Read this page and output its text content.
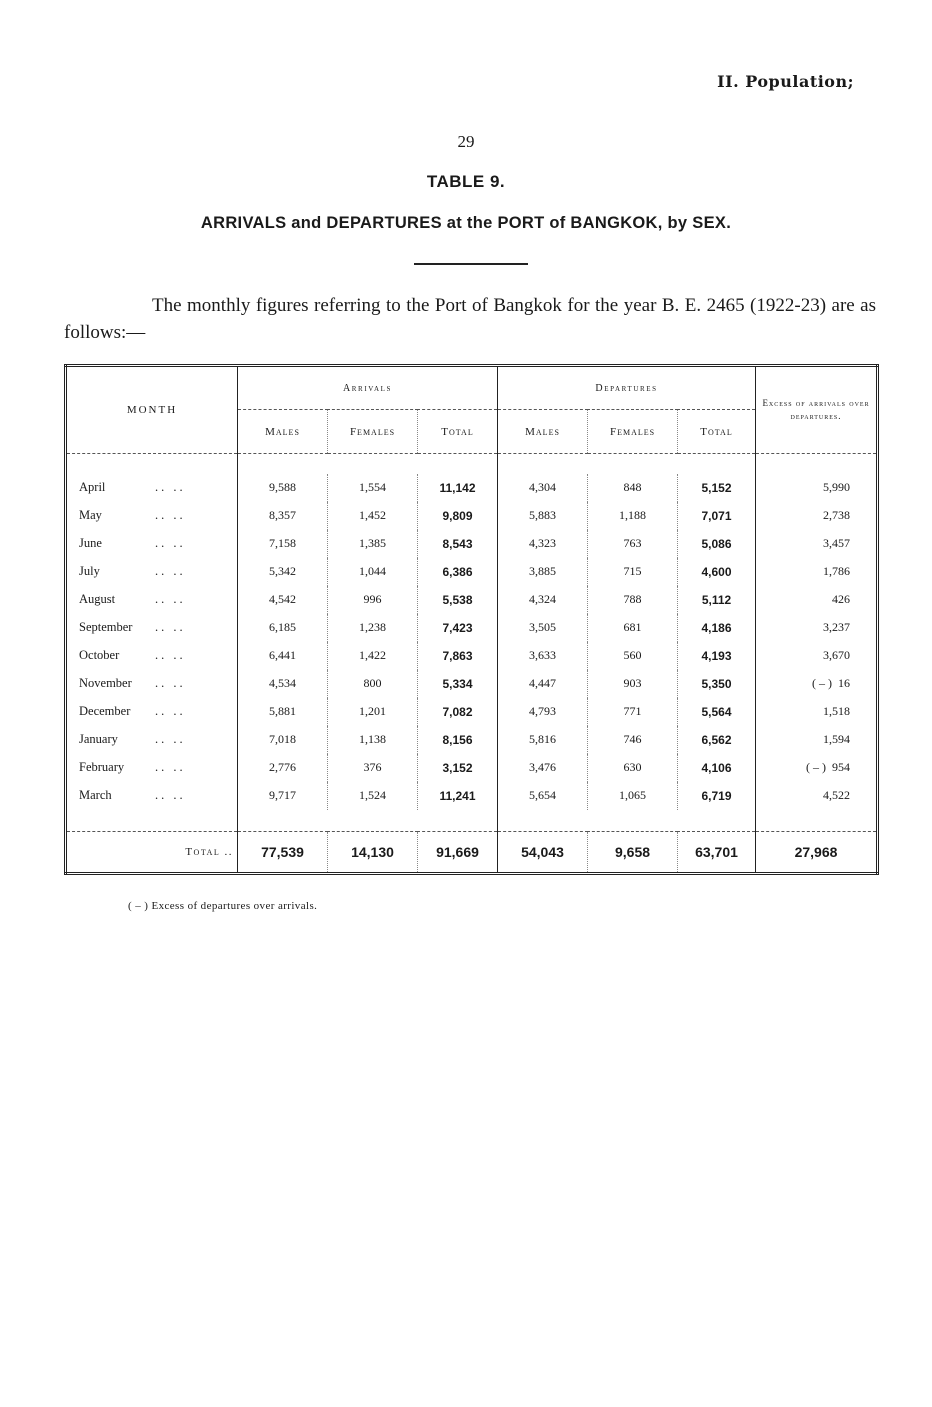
II. Population;
29
TABLE 9.
ARRIVALS and DEPARTURES at the PORT of BANGKOK, by SEX.
The monthly figures referring to the Port of Bangkok for the year B. E. 2465 (1922-23) are as follows:—
MONTH	Arrivals			Departures			Excess of arrivals over departures.
	Males	Females	Total	Males	Females	Total	

April .. ..	9,588	1,554	11,142	4,304	848	5,152	5,990
May .. ..	8,357	1,452	9,809	5,883	1,188	7,071	2,738
June .. ..	7,158	1,385	8,543	4,323	763	5,086	3,457
July .. ..	5,342	1,044	6,386	3,885	715	4,600	1,786
August .. ..	4,542	996	5,538	4,324	788	5,112	426
September .. ..	6,185	1,238	7,423	3,505	681	4,186	3,237
October .. ..	6,441	1,422	7,863	3,633	560	4,193	3,670
November .. ..	4,534	800	5,334	4,447	903	5,350	( – )  16
December .. ..	5,881	1,201	7,082	4,793	771	5,564	1,518
January .. ..	7,018	1,138	8,156	5,816	746	6,562	1,594
February .. ..	2,776	376	3,152	3,476	630	4,106	( – )  954
March .. ..	9,717	1,524	11,241	5,654	1,065	6,719	4,522

Total ..	77,539	14,130	91,669	54,043	9,658	63,701	27,968
( – ) Excess of departures over arrivals.
